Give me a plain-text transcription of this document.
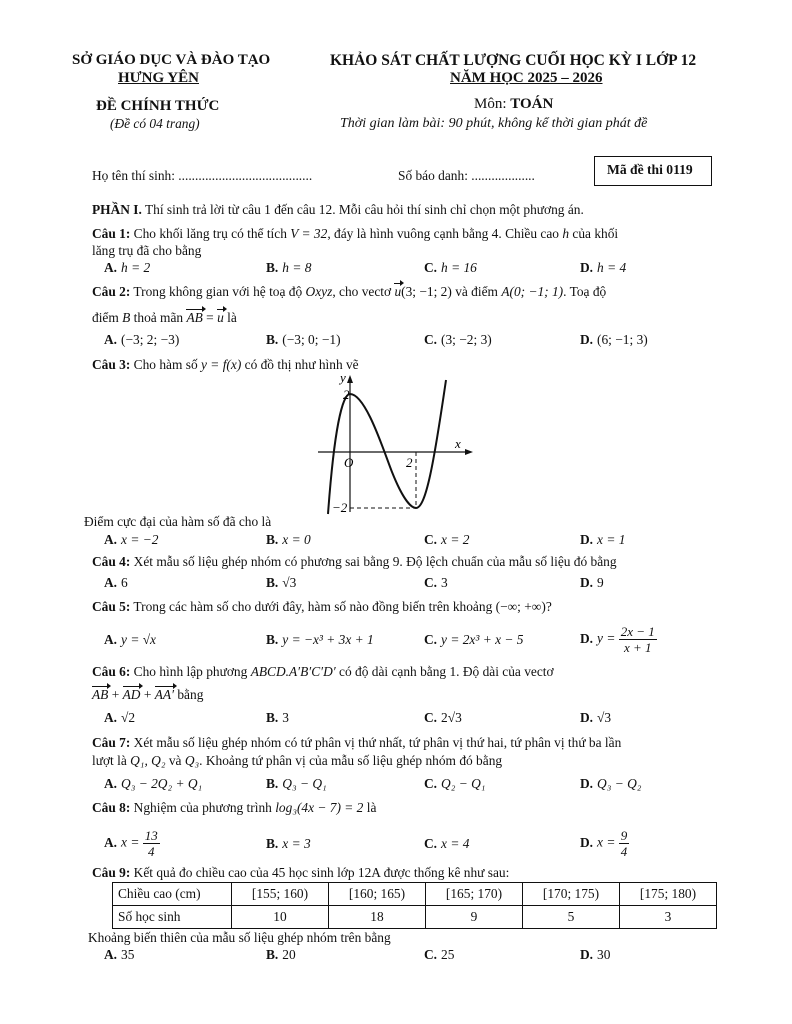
SỞ GIÁO DỤC VÀ ĐÀO TẠO
HƯNG YÊN
ĐỀ CHÍNH THỨC
(Đề có 04 trang)
KHẢO SÁT CHẤT LƯỢNG CUỐI HỌC KỲ I LỚP 12
NĂM HỌC 2025 – 2026
Môn: TOÁN
Thời gian làm bài: 90 phút, không kể thời gian phát đề
Họ tên thí sinh: ........................................	Số báo danh: ...................	Mã đề thi 0119
PHẦN I. Thí sinh trả lời từ câu 1 đến câu 12. Mỗi câu hỏi thí sinh chỉ chọn một phương án.
Câu 1: Cho khối lăng trụ có thể tích V = 32, đáy là hình vuông cạnh bằng 4. Chiều cao h của khối
lăng trụ đã cho bằng
A. h = 2	B. h = 8	C. h = 16	D. h = 4
Câu 2: Trong không gian với hệ toạ độ Oxyz, cho vectơ u(3; −1; 2) và điểm A(0; −1; 1). Toạ độ
điểm B thoả mãn AB = u là
A. (−3; 2; −3)	B. (−3; 0; −1)	C. (3; −2; 3)	D. (6; −1; 3)
Câu 3: Cho hàm số y = f(x) có đồ thị như hình vẽ
y
x
2
O	2
−2
Điểm cực đại của hàm số đã cho là
A. x = −2	B. x = 0	C. x = 2	D. x = 1
Câu 4: Xét mẫu số liệu ghép nhóm có phương sai bằng 9. Độ lệch chuẩn của mẫu số liệu đó bằng
A. 6	B. √3	C. 3	D. 9
Câu 5: Trong các hàm số cho dưới đây, hàm số nào đồng biến trên khoảng (−∞; +∞)?
A. y = √x	B. y = −x³ + 3x + 1	C. y = 2x³ + x − 5	D. $y = \frac{2x - 1}{x + 1}$
Câu 6: Cho hình lập phương ABCD.A′B′C′D′ có độ dài cạnh bằng 1. Độ dài của vectơ
AB + AD + AA′ bằng
A. √2	B. 3	C. 2√3	D. √3
Câu 7: Xét mẫu số liệu ghép nhóm có tứ phân vị thứ nhất, tứ phân vị thứ hai, tứ phân vị thứ ba lần
lượt là Q₁, Q₂ và Q₃. Khoảng tứ phân vị của mẫu số liệu ghép nhóm đó bằng
A. Q₃ − 2Q₂ + Q₁	B. Q₃ − Q₁	C. Q₂ − Q₁	D. Q₃ − Q₂
Câu 8: Nghiệm của phương trình log₃(4x − 7) = 2 là
A. $x = \frac{13}{4}$	B. x = 3	C. x = 4	D. $x = \frac{9}{4}$
Câu 9: Kết quả đo chiều cao của 45 học sinh lớp 12A được thống kê như sau:
Chiều cao (cm)	[155; 160)	[160; 165)	[165; 170)	[170; 175)	[175; 180)
Số học sinh	10	18	9	5	3
Khoảng biến thiên của mẫu số liệu ghép nhóm trên bằng
A. 35	B. 20	C. 25	D. 30
